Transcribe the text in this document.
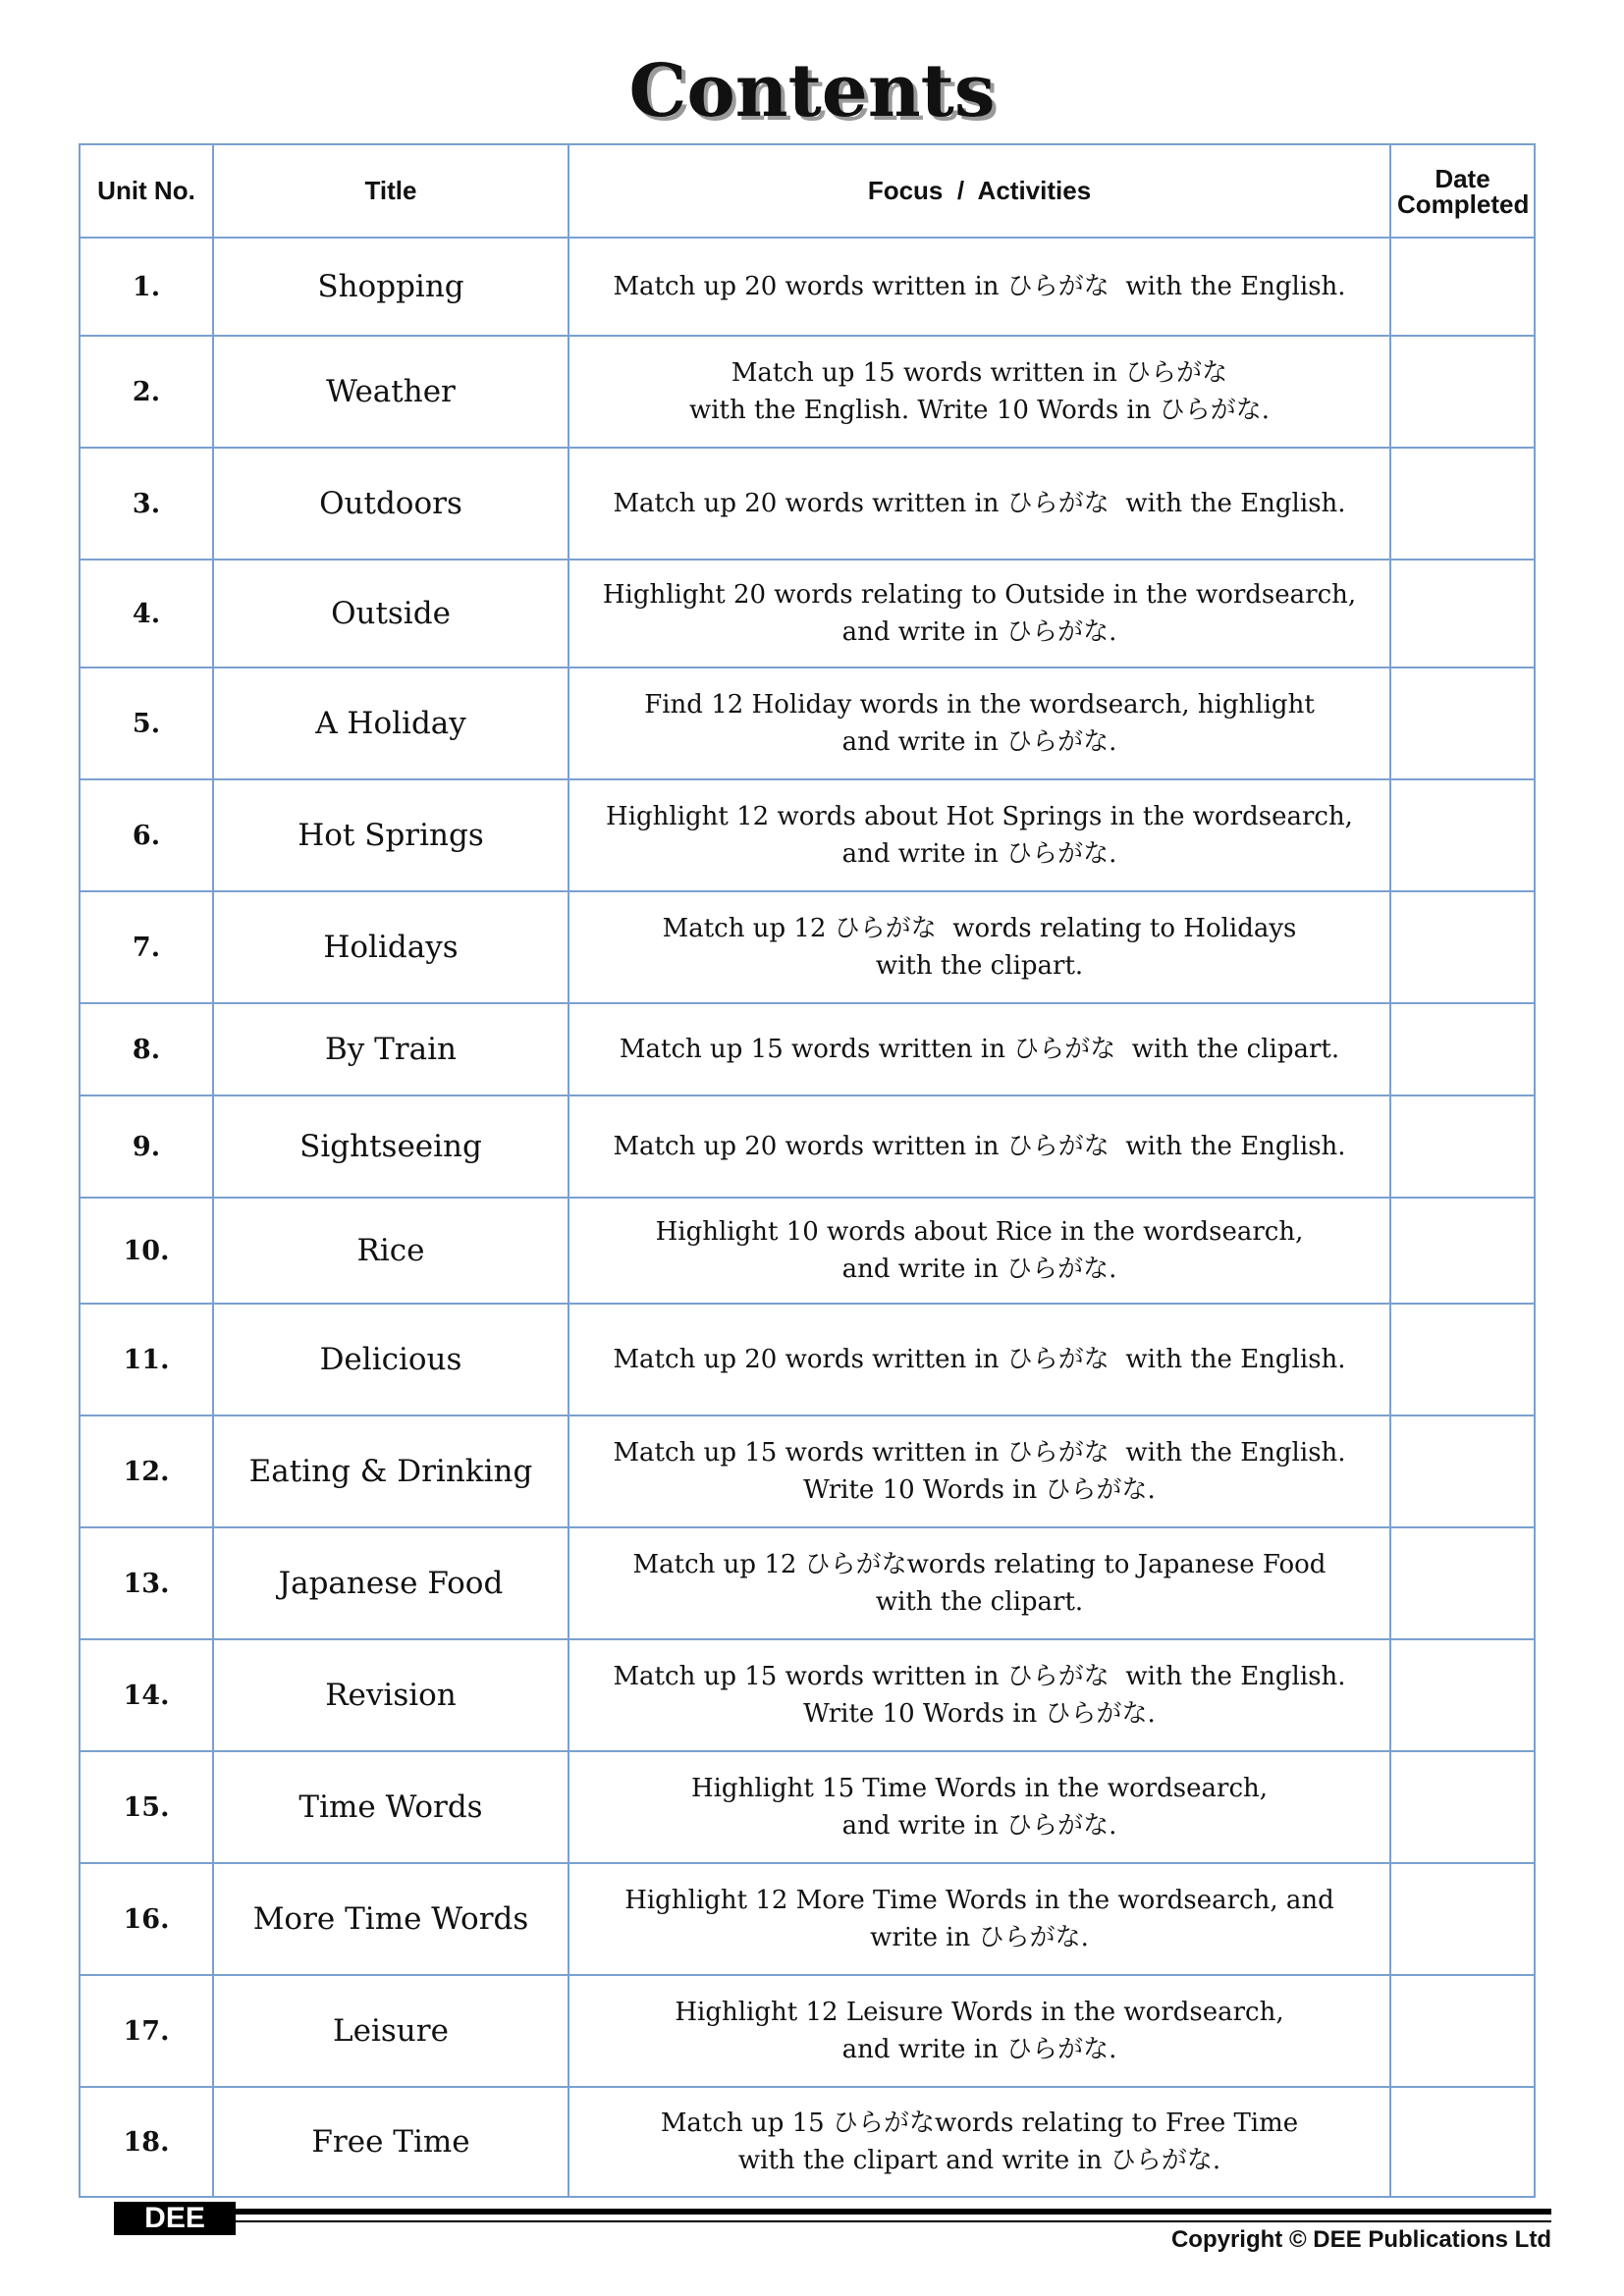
Contents
Unit No.	Title	Focus  /  Activities	Date
Completed

1.	Shopping	Match up 20 words written in ひらがな  with the English.	

2.	Weather	Match up 15 words written in ひらがな
with the English. Write 10 Words in ひらがな.	

3.	Outdoors	Match up 20 words written in ひらがな  with the English.	

4.	Outside	Highlight 20 words relating to Outside in the wordsearch,
and write in ひらがな.	

5.	A Holiday	Find 12 Holiday words in the wordsearch, highlight
and write in ひらがな.	

6.	Hot Springs	Highlight 12 words about Hot Springs in the wordsearch,
and write in ひらがな.	

7.	Holidays	Match up 12 ひらがな  words relating to Holidays
with the clipart.	

8.	By Train	Match up 15 words written in ひらがな  with the clipart.	

9.	Sightseeing	Match up 20 words written in ひらがな  with the English.	

10.	Rice	Highlight 10 words about Rice in the wordsearch,
and write in ひらがな.	

11.	Delicious	Match up 20 words written in ひらがな  with the English.	

12.	Eating & Drinking	Match up 15 words written in ひらがな  with the English.
Write 10 Words in ひらがな.	

13.	Japanese Food	Match up 12 ひらがなwords relating to Japanese Food
with the clipart.	

14.	Revision	Match up 15 words written in ひらがな  with the English.
Write 10 Words in ひらがな.	

15.	Time Words	Highlight 15 Time Words in the wordsearch,
and write in ひらがな.	

16.	More Time Words	Highlight 12 More Time Words in the wordsearch, and
write in ひらがな.	

17.	Leisure	Highlight 12 Leisure Words in the wordsearch,
and write in ひらがな.	

18.	Free Time	Match up 15 ひらがなwords relating to Free Time
with the clipart and write in ひらがな.	

DEE
Copyright © DEE Publications Ltd
